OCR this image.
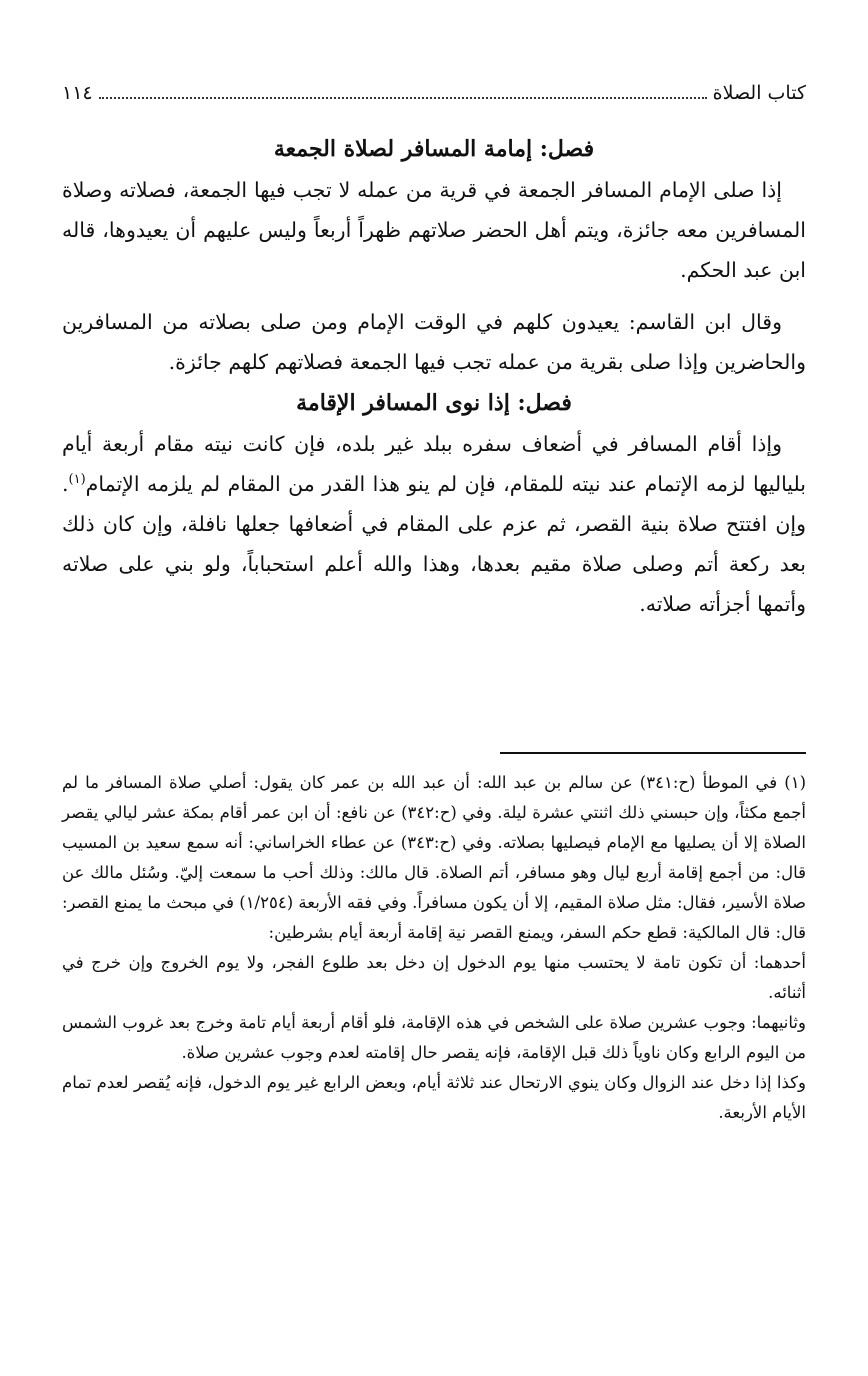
كتاب الصلاة
١١٤
فصل: إمامة المسافر لصلاة الجمعة

إذا صلى الإمام المسافر الجمعة في قرية من عمله لا تجب فيها الجمعة، فصلاته وصلاة المسافرين معه جائزة، ويتم أهل الحضر صلاتهم ظهراً أربعاً وليس عليهم أن يعيدوها، قاله ابن عبد الحكم.

وقال ابن القاسم: يعيدون كلهم في الوقت الإمام ومن صلى بصلاته من المسافرين والحاضرين وإذا صلى بقرية من عمله تجب فيها الجمعة فصلاتهم كلهم جائزة.

فصل: إذا نوى المسافر الإقامة

وإذا أقام المسافر في أضعاف سفره ببلد غير بلده، فإن كانت نيته مقام أربعة أيام بلياليها لزمه الإتمام عند نيته للمقام، فإن لم ينو هذا القدر من المقام لم يلزمه الإتمام$^{(١)}$. وإن افتتح صلاة بنية القصر، ثم عزم على المقام في أضعافها جعلها نافلة، وإن كان ذلك بعد ركعة أتم وصلى صلاة مقيم بعدها، وهذا والله أعلم استحباباً، ولو بني على صلاته وأتمها أجزأته صلاته.

(١) في الموطأ (ح:٣٤١) عن سالم بن عبد الله: أن عبد الله بن عمر كان يقول: أصلي صلاة المسافر ما لم أجمع مكثاً، وإن حبسني ذلك اثنتي عشرة ليلة. وفي (ح:٣٤٢) عن نافع: أن ابن عمر أقام بمكة عشر ليالي يقصر الصلاة إلا أن يصليها مع الإمام فيصليها بصلاته. وفي (ح:٣٤٣) عن عطاء الخراساني: أنه سمع سعيد بن المسيب قال: من أجمع إقامة أربع ليال وهو مسافر، أتم الصلاة. قال مالك: وذلك أحب ما سمعت إليّ. وسُئل مالك عن صلاة الأسير، فقال: مثل صلاة المقيم، إلا أن يكون مسافراً. وفي فقه الأربعة (١/٢٥٤) في مبحث ما يمنع القصر: قال: قال المالكية: قطع حكم السفر، ويمنع القصر نية إقامة أربعة أيام بشرطين:

أحدهما: أن تكون تامة لا يحتسب منها يوم الدخول إن دخل بعد طلوع الفجر، ولا يوم الخروج وإن خرج في أثنائه.

وثانيهما: وجوب عشرين صلاة على الشخص في هذه الإقامة، فلو أقام أربعة أيام تامة وخرج بعد غروب الشمس من اليوم الرابع وكان ناوياً ذلك قبل الإقامة، فإنه يقصر حال إقامته لعدم وجوب عشرين صلاة.

وكذا إذا دخل عند الزوال وكان ينوي الارتحال عند ثلاثة أيام، وبعض الرابع غير يوم الدخول، فإنه يُقصر لعدم تمام الأيام الأربعة.
